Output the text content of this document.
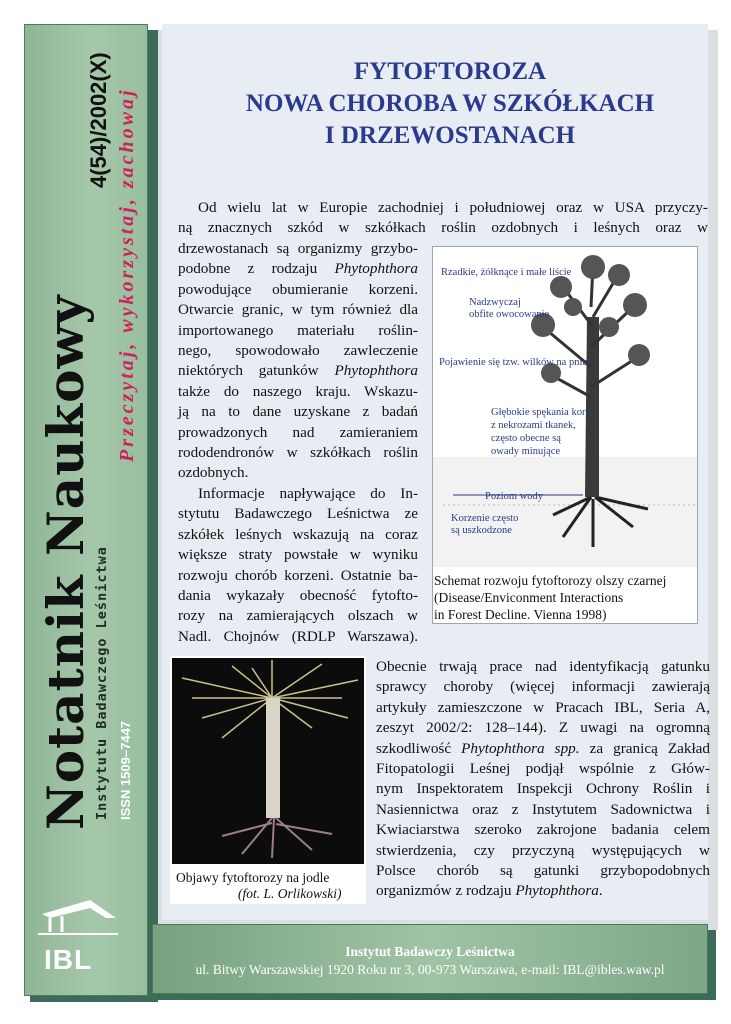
Notatnik Naukowy Instytutu Badawczego Leśnictwa ISSN 1509–7447
4(54)/2002(X) Przeczytaj, wykorzystaj, zachowaj
IBL
FYTOFTOROZA
NOWA CHOROBA W SZKÓŁKACH
I DRZEWOSTANACH
Od wielu lat w Europie zachodniej i południowej oraz w USA przyczy-
ną znacznych szkód w szkółkach roślin ozdobnych i leśnych oraz w
drzewostanach są organizmy grzybo-
podobne z rodzaju Phytophthora
powodujące obumieranie korzeni.
Otwarcie granic, w tym również dla
importowanego materiału roślin-
nego, spowodowało zawleczenie
niektórych gatunków Phytophthora
także do naszego kraju. Wskazu-
ją na to dane uzyskane z badań
prowadzonych nad zamieraniem
rododendronów w szkółkach roślin
ozdobnych.
Informacje napływające do In-
stytutu Badawczego Leśnictwa ze
szkółek leśnych wskazują na coraz
większe straty powstałe w wyniku
rozwoju chorób korzeni. Ostatnie ba-
dania wykazały obecność fytofto-
rozy na zamierających olszach w
Nadl. Chojnów (RDLP Warszawa).
Rzadkie, żółknące i małe liście
Nadzwyczaj
obfite owocowanie
Pojawienie się tzw. wilków na pniu
Głębokie spękania kory
z nekrozami tkanek,
często obecne są
owady minujące
Poziom wody
Korzenie często
są uszkodzone
Schemat rozwoju fytoftorozy olszy czarnej
(Disease/Enviconment Interactions
in Forest Decline. Vienna 1998)
Objawy fytoftorozy na jodle
(fot. L. Orlikowski)
Obecnie trwają prace nad identyfikacją gatunku
sprawcy choroby (więcej informacji zawierają
artykuły zamieszczone w Pracach IBL, Seria A,
zeszyt 2002/2: 128–144). Z uwagi na ogromną
szkodliwość Phytophthora spp. za granicą Zakład
Fitopatologii Leśnej podjął wspólnie z Głów-
nym Inspektoratem Inspekcji Ochrony Roślin i
Nasiennictwa oraz z Instytutem Sadownictwa i
Kwiaciarstwa szeroko zakrojone badania celem
stwierdzenia, czy przyczyną występujących w
Polsce chorób są gatunki grzybopodobnych
organizmów z rodzaju Phytophthora.
Instytut Badawczy Leśnictwa
ul. Bitwy Warszawskiej 1920 Roku nr 3, 00-973 Warszawa, e-mail: IBL@ibles.waw.pl
